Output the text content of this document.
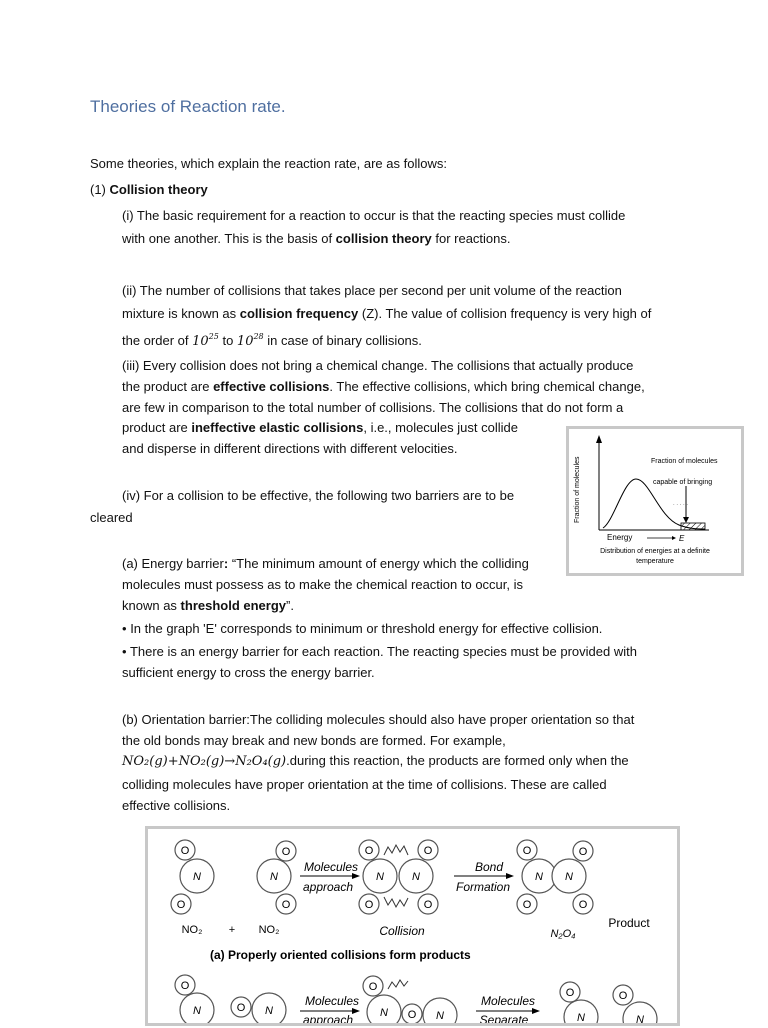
Theories of Reaction rate.
Some theories, which explain the reaction rate, are as follows:
(1) Collision theory
(i) The basic requirement for a reaction to occur is that the reacting species must collide
with one another. This is the basis of collision theory for reactions.
(ii) The number of collisions that takes place per second per unit volume of the reaction
mixture is known as collision frequency (Z). The value of collision frequency is very high of
the order of $10^{25}$ to $10^{28}$ in case of binary collisions.
(iii) Every collision does not bring a chemical change. The collisions that actually produce
the product are effective collisions. The effective collisions, which bring chemical change,
are few in comparison to the total number of collisions. The collisions that do not form a
product are ineffective elastic collisions, i.e., molecules just collide
and disperse in different directions with different velocities.
(iv) For a collision to be effective, the following two barriers are to be
cleared
(a) Energy barrier: “The minimum amount of energy which the colliding
molecules must possess as to make the chemical reaction to occur, is
known as threshold energy”.
• In the graph 'E' corresponds to minimum or threshold energy for effective collision.
• There is an energy barrier for each reaction. The reacting species must be provided with
sufficient energy to cross the energy barrier.
(b) Orientation barrier:The colliding molecules should also have proper orientation so that
the old bonds may break and new bonds are formed. For example,
NO₂(g)+NO₂(g)→N₂O₄(g).during this reaction, the products are formed only when the
colliding molecules have proper orientation at the time of collisions. These are called
effective collisions.
Fraction of molecules
capable of bringing
. . . . .
Fraction of molecules
Energy	E
Distribution of energies at a definite
temperature
O
N
O
O
N
O
Molecules
approach
O	O
N	N
O	O
Bond
Formation
O	O
N N
O	O
NO₂ + NO₂	Collision	N₂O₄
Product
(a) Properly oriented collisions form products
O
N	O N
Molecules
approach
O
N O N
Molecules
Separate
O
N
O
N
